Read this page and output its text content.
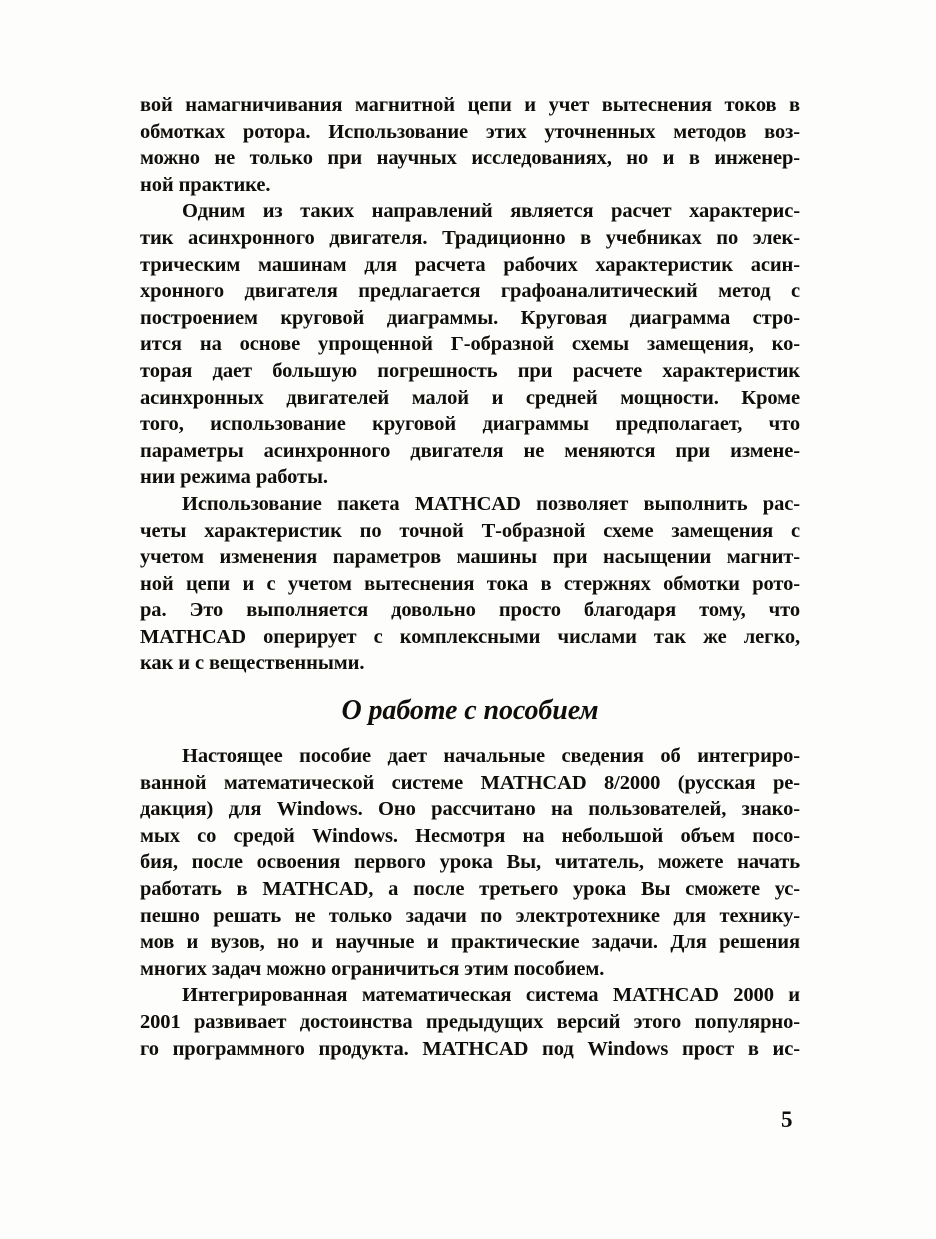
вой намагничивания магнитной цепи и учет вытеснения токов в
обмотках ротора. Использование этих уточненных методов воз-
можно не только при научных исследованиях, но и в инженер-
ной практике.
Одним из таких направлений является расчет характерис-
тик асинхронного двигателя. Традиционно в учебниках по элек-
трическим машинам для расчета рабочих характеристик асин-
хронного двигателя предлагается графоаналитический метод с
построением круговой диаграммы. Круговая диаграмма стро-
ится на основе упрощенной Г-образной схемы замещения, ко-
торая дает большую погрешность при расчете характеристик
асинхронных двигателей малой и средней мощности. Кроме
того, использование круговой диаграммы предполагает, что
параметры асинхронного двигателя не меняются при измене-
нии режима работы.
Использование пакета MATHCAD позволяет выполнить рас-
четы характеристик по точной Т-образной схеме замещения с
учетом изменения параметров машины при насыщении магнит-
ной цепи и с учетом вытеснения тока в стержнях обмотки рото-
ра. Это выполняется довольно просто благодаря тому, что
MATHCAD оперирует с комплексными числами так же легко,
как и с вещественными.
О работе с пособием
Настоящее пособие дает начальные сведения об интегриро-
ванной математической системе MATHCAD 8/2000 (русская ре-
дакция) для Windows. Оно рассчитано на пользователей, знако-
мых со средой Windows. Несмотря на небольшой объем посо-
бия, после освоения первого урока Вы, читатель, можете начать
работать в MATHCAD, а после третьего урока Вы сможете ус-
пешно решать не только задачи по электротехнике для технику-
мов и вузов, но и научные и практические задачи. Для решения
многих задач можно ограничиться этим пособием.
Интегрированная математическая система MATHCAD 2000 и
2001 развивает достоинства предыдущих версий этого популярно-
го программного продукта. MATHCAD под Windows прост в ис-
5
